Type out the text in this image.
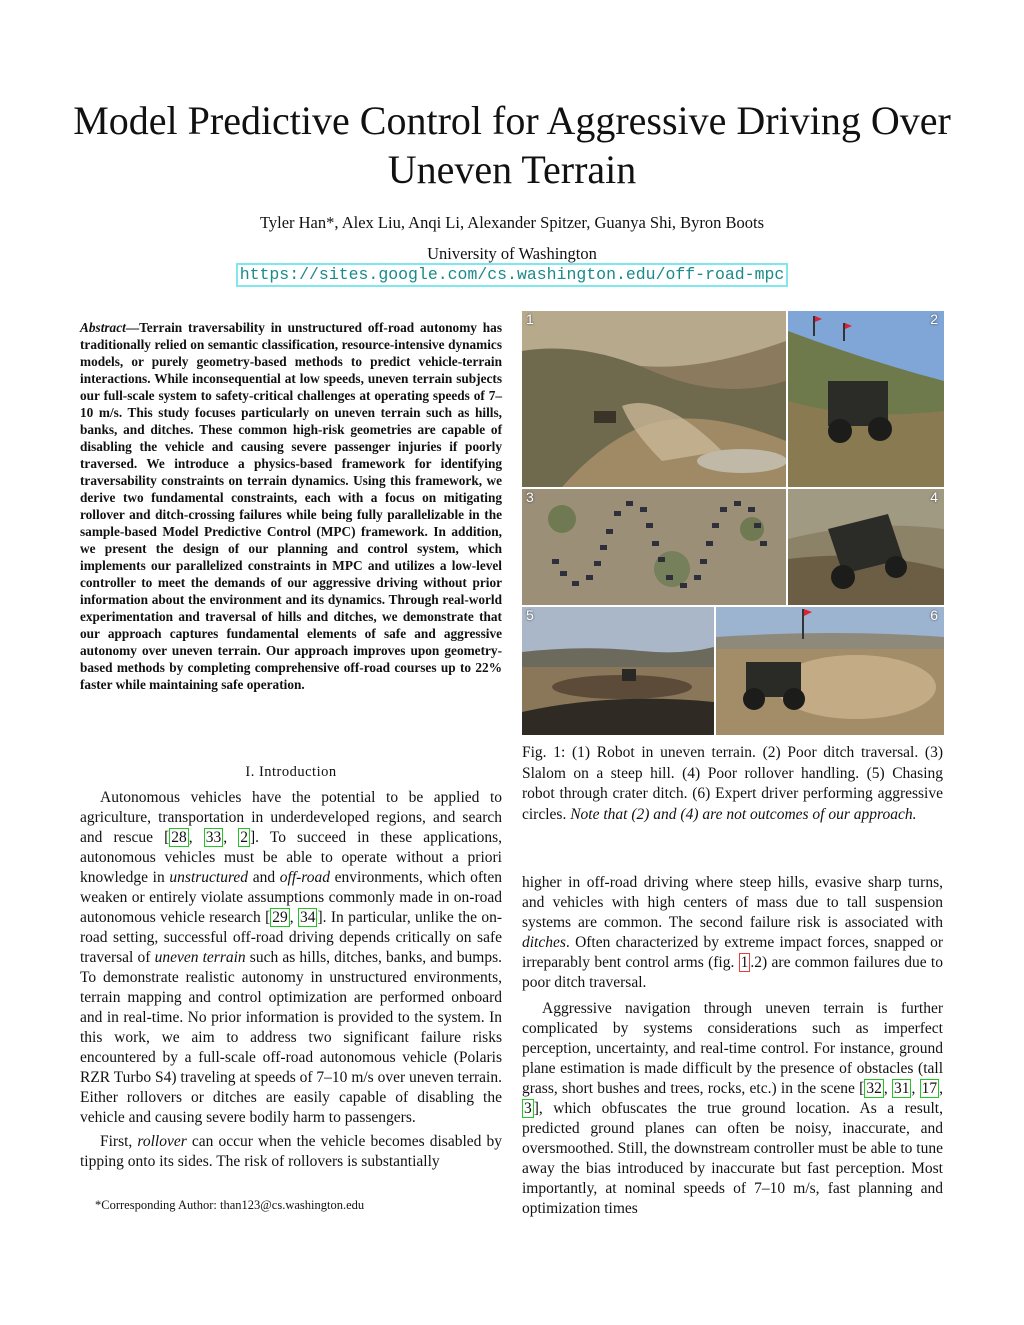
Model Predictive Control for Aggressive Driving Over Uneven Terrain
Tyler Han*, Alex Liu, Anqi Li, Alexander Spitzer, Guanya Shi, Byron Boots
University of Washington
https://sites.google.com/cs.washington.edu/off-road-mpc
Abstract—Terrain traversability in unstructured off-road autonomy has traditionally relied on semantic classification, resource-intensive dynamics models, or purely geometry-based methods to predict vehicle-terrain interactions. While inconsequential at low speeds, uneven terrain subjects our full-scale system to safety-critical challenges at operating speeds of 7–10 m/s. This study focuses particularly on uneven terrain such as hills, banks, and ditches. These common high-risk geometries are capable of disabling the vehicle and causing severe passenger injuries if poorly traversed. We introduce a physics-based framework for identifying traversability constraints on terrain dynamics. Using this framework, we derive two fundamental constraints, each with a focus on mitigating rollover and ditch-crossing failures while being fully parallelizable in the sample-based Model Predictive Control (MPC) framework. In addition, we present the design of our planning and control system, which implements our parallelized constraints in MPC and utilizes a low-level controller to meet the demands of our aggressive driving without prior information about the environment and its dynamics. Through real-world experimentation and traversal of hills and ditches, we demonstrate that our approach captures fundamental elements of safe and aggressive autonomy over uneven terrain. Our approach improves upon geometry-based methods by completing comprehensive off-road courses up to 22% faster while maintaining safe operation.
1	2
3	4
5	6
Fig. 1: (1) Robot in uneven terrain. (2) Poor ditch traversal. (3) Slalom on a steep hill. (4) Poor rollover handling. (5) Chasing robot through crater ditch. (6) Expert driver performing aggressive circles. Note that (2) and (4) are not outcomes of our approach.
I. Introduction

Autonomous vehicles have the potential to be applied to agriculture, transportation in underdeveloped regions, and search and rescue [ 28 , 33 , 2 ]. To succeed in these applications, autonomous vehicles must be able to operate without a priori knowledge in unstructured and off-road environments, which often weaken or entirely violate assumptions commonly made in on-road autonomous vehicle research [ 29 , 34 ]. In particular, unlike the on-road setting, successful off-road driving depends critically on safe traversal of uneven terrain such as hills, ditches, banks, and bumps. To demonstrate realistic autonomy in unstructured environments, terrain mapping and control optimization are performed onboard and in real-time. No prior information is provided to the system. In this work, we aim to address two significant failure risks encountered by a full-scale off-road autonomous vehicle (Polaris RZR Turbo S4) traveling at speeds of 7–10 m/s over uneven terrain. Either rollovers or ditches are easily capable of disabling the vehicle and causing severe bodily harm to passengers.

First, rollover can occur when the vehicle becomes disabled by tipping onto its sides. The risk of rollovers is substantially

*Corresponding Author: than123@cs.washington.edu

higher in off-road driving where steep hills, evasive sharp turns, and vehicles with high centers of mass due to tall suspension systems are common. The second failure risk is associated with ditches. Often characterized by extreme impact forces, snapped or irreparably bent control arms (fig. 1 .2) are common failures due to poor ditch traversal.

Aggressive navigation through uneven terrain is further complicated by systems considerations such as imperfect perception, uncertainty, and real-time control. For instance, ground plane estimation is made difficult by the presence of obstacles (tall grass, short bushes and trees, rocks, etc.) in the scene [ 32 , 31 , 17 , 3 ], which obfuscates the true ground location. As a result, predicted ground planes can often be noisy, inaccurate, and oversmoothed. Still, the downstream controller must be able to tune away the bias introduced by inaccurate but fast perception. Most importantly, at nominal speeds of 7–10 m/s, fast planning and optimization times
